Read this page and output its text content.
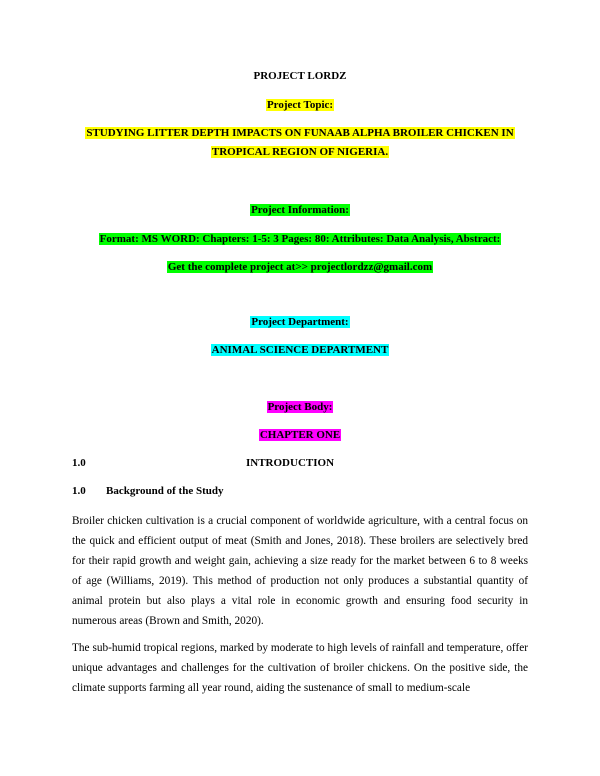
PROJECT LORDZ
Project Topic:
STUDYING LITTER DEPTH IMPACTS ON FUNAAB ALPHA BROILER CHICKEN IN
TROPICAL REGION OF NIGERIA.
Project Information:
Format: MS WORD: Chapters: 1-5: 3 Pages: 80: Attributes: Data Analysis, Abstract:
Get the complete project at>> projectlordzz@gmail.com
Project Department:
ANIMAL SCIENCE DEPARTMENT
Project Body:
CHAPTER ONE
1.0	INTRODUCTION
1.0 Background of the Study

Broiler chicken cultivation is a crucial component of worldwide agriculture, with a central focus on the quick and efficient output of meat (Smith and Jones, 2018). These broilers are selectively bred for their rapid growth and weight gain, achieving a size ready for the market between 6 to 8 weeks of age (Williams, 2019). This method of production not only produces a substantial quantity of animal protein but also plays a vital role in economic growth and ensuring food security in numerous areas (Brown and Smith, 2020).

The sub-humid tropical regions, marked by moderate to high levels of rainfall and temperature, offer unique advantages and challenges for the cultivation of broiler chickens. On the positive side, the climate supports farming all year round, aiding the sustenance of small to medium-scale
